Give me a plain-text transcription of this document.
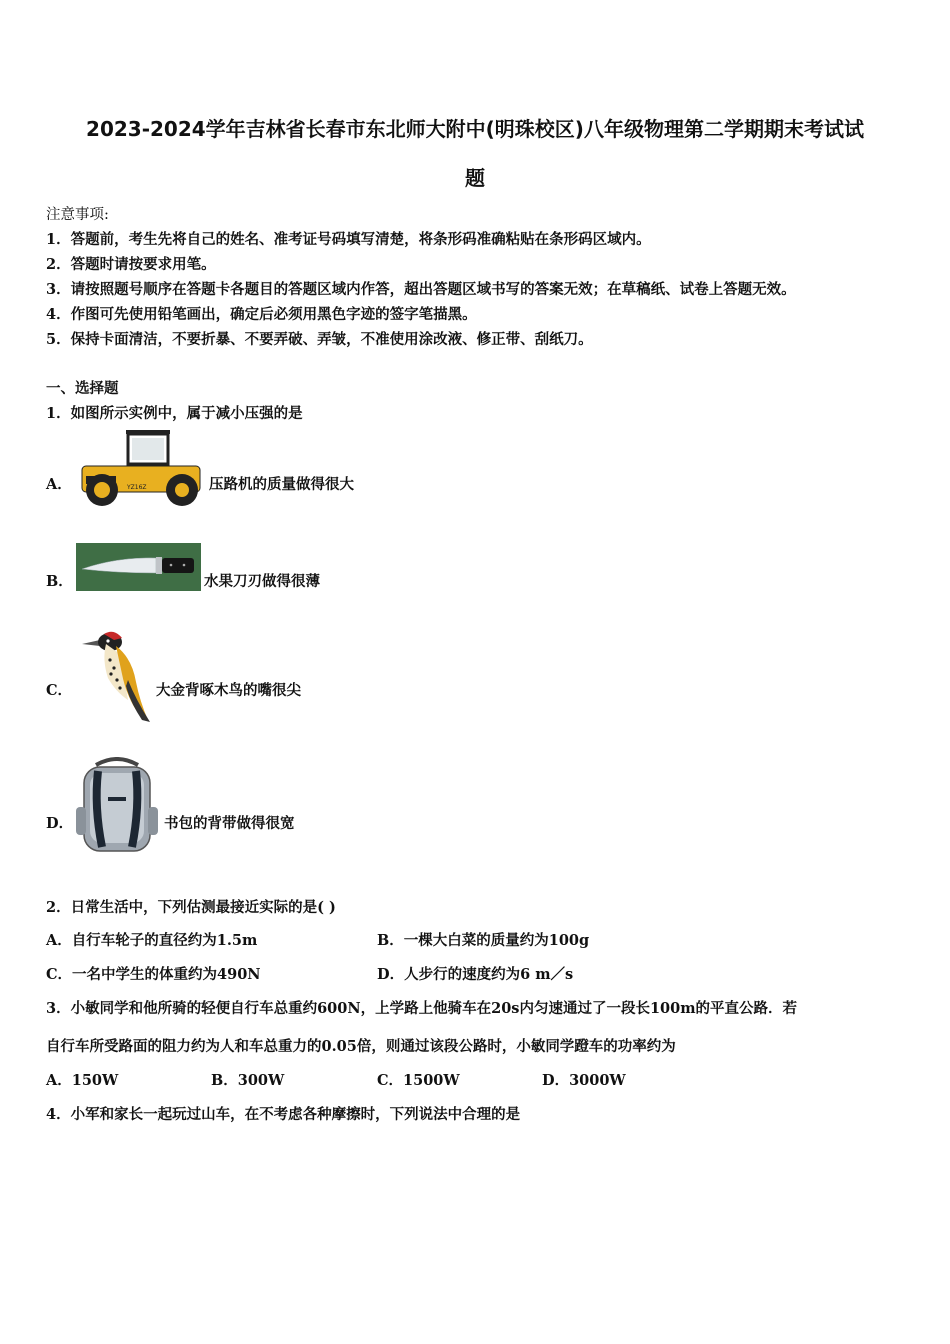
2023-2024学年吉林省长春市东北师大附中(明珠校区)八年级物理第二学期期末考试试
题
注意事项:
1．答题前，考生先将自己的姓名、准考证号码填写清楚，将条形码准确粘贴在条形码区域内。
2．答题时请按要求用笔。
3．请按照题号顺序在答题卡各题目的答题区域内作答，超出答题区域书写的答案无效；在草稿纸、试卷上答题无效。
4．作图可先使用铅笔画出，确定后必须用黑色字迹的签字笔描黑。
5．保持卡面清洁，不要折暴、不要弄破、弄皱，不准使用涂改液、修正带、刮纸刀。
一、选择题
1．如图所示实例中，属于减小压强的是
A．	YZ16Z	压路机的质量做得很大
B．	水果刀刃做得很薄
C．	大金背啄木鸟的嘴很尖
D．	书包的背带做得很宽
2．日常生活中，下列估测最接近实际的是( )
A．自行车轮子的直径约为1.5m	B．一棵大白菜的质量约为100g
C．一名中学生的体重约为490N	D．人步行的速度约为6 m／s
3．小敏同学和他所骑的轻便自行车总重约600N，上学路上他骑车在20s内匀速通过了一段长100m的平直公路．若
自行车所受路面的阻力约为人和车总重力的0.05倍，则通过该段公路时，小敏同学蹬车的功率约为
A．150W	B．300W	C．1500W	D．3000W
4．小军和家长一起玩过山车，在不考虑各种摩擦时，下列说法中合理的是
